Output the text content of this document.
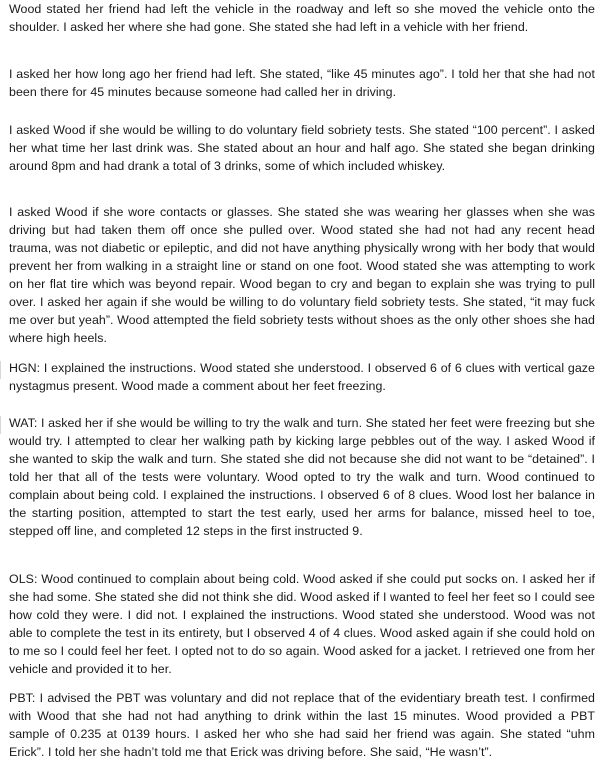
Wood stated her friend had left the vehicle in the roadway and left so she moved the vehicle onto the shoulder. I asked her where she had gone. She stated she had left in a vehicle with her friend.

I asked her how long ago her friend had left. She stated, “like 45 minutes ago”. I told her that she had not been there for 45 minutes because someone had called her in driving.

I asked Wood if she would be willing to do voluntary field sobriety tests. She stated “100 percent”. I asked her what time her last drink was. She stated about an hour and half ago. She stated she began drinking around 8pm and had drank a total of 3 drinks, some of which included whiskey.

I asked Wood if she wore contacts or glasses. She stated she was wearing her glasses when she was driving but had taken them off once she pulled over. Wood stated she had not had any recent head trauma, was not diabetic or epileptic, and did not have anything physically wrong with her body that would prevent her from walking in a straight line or stand on one foot. Wood stated she was attempting to work on her flat tire which was beyond repair. Wood began to cry and began to explain she was trying to pull over. I asked her again if she would be willing to do voluntary field sobriety tests. She stated, “it may fuck me over but yeah”. Wood attempted the field sobriety tests without shoes as the only other shoes she had where high heels.

HGN: I explained the instructions. Wood stated she understood. I observed 6 of 6 clues with vertical gaze nystagmus present. Wood made a comment about her feet freezing.

WAT: I asked her if she would be willing to try the walk and turn. She stated her feet were freezing but she would try. I attempted to clear her walking path by kicking large pebbles out of the way. I asked Wood if she wanted to skip the walk and turn. She stated she did not because she did not want to be “detained”. I told her that all of the tests were voluntary. Wood opted to try the walk and turn. Wood continued to complain about being cold. I explained the instructions. I observed 6 of 8 clues. Wood lost her balance in the starting position, attempted to start the test early, used her arms for balance, missed heel to toe, stepped off line, and completed 12 steps in the first instructed 9.

OLS: Wood continued to complain about being cold. Wood asked if she could put socks on. I asked her if she had some. She stated she did not think she did. Wood asked if I wanted to feel her feet so I could see how cold they were. I did not. I explained the instructions. Wood stated she understood. Wood was not able to complete the test in its entirety, but I observed 4 of 4 clues. Wood asked again if she could hold on to me so I could feel her feet. I opted not to do so again. Wood asked for a jacket. I retrieved one from her vehicle and provided it to her.

PBT: I advised the PBT was voluntary and did not replace that of the evidentiary breath test. I confirmed with Wood that she had not had anything to drink within the last 15 minutes. Wood provided a PBT sample of 0.235 at 0139 hours. I asked her who she had said her friend was again. She stated “uhm Erick”. I told her she hadn’t told me that Erick was driving before. She said, “He wasn’t”.
